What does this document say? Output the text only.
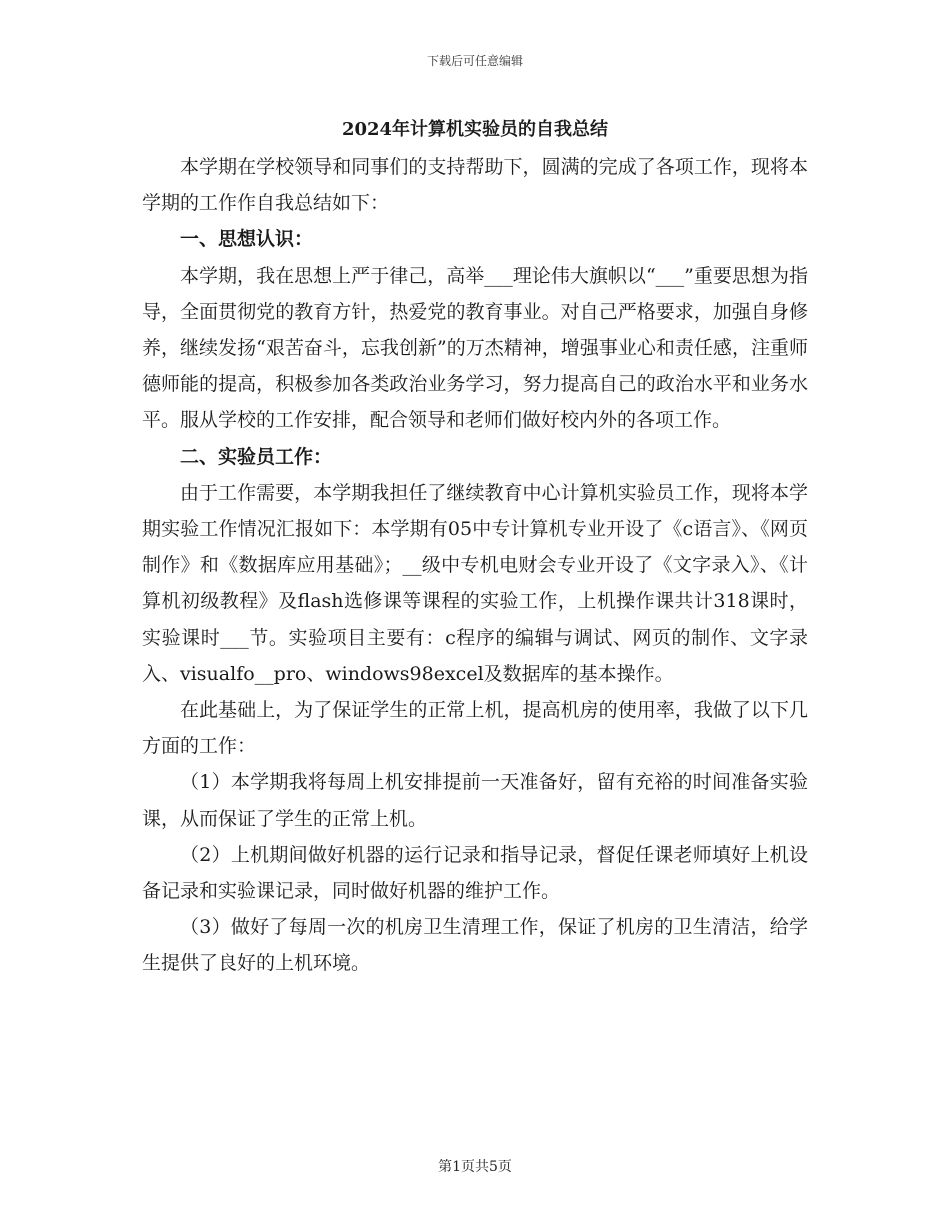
下载后可任意编辑
2024年计算机实验员的自我总结

本学期在学校领导和同事们的支持帮助下，圆满的完成了各项工作，现将本学期的工作作自我总结如下：

一、思想认识：

本学期，我在思想上严于律己，高举___理论伟大旗帜以“___”重要思想为指导，全面贯彻党的教育方针，热爱党的教育事业。对自己严格要求，加强自身修养，继续发扬“艰苦奋斗，忘我创新”的万杰精神，增强事业心和责任感，注重师德师能的提高，积极参加各类政治业务学习，努力提高自己的政治水平和业务水平。服从学校的工作安排，配合领导和老师们做好校内外的各项工作。

二、实验员工作：

由于工作需要，本学期我担任了继续教育中心计算机实验员工作，现将本学期实验工作情况汇报如下：本学期有05中专计算机专业开设了《c语言》、《网页制作》和《数据库应用基础》；__级中专机电财会专业开设了《文字录入》、《计算机初级教程》及flash选修课等课程的实验工作，上机操作课共计318课时，实验课时___节。实验项目主要有：c程序的编辑与调试、网页的制作、文字录入、visualfo__pro、windows98excel及数据库的基本操作。

在此基础上，为了保证学生的正常上机，提高机房的使用率，我做了以下几方面的工作：

（1）本学期我将每周上机安排提前一天准备好，留有充裕的时间准备实验课，从而保证了学生的正常上机。

（2）上机期间做好机器的运行记录和指导记录，督促任课老师填好上机设备记录和实验课记录，同时做好机器的维护工作。

（3）做好了每周一次的机房卫生清理工作，保证了机房的卫生清洁，给学生提供了良好的上机环境。

第1页共5页
